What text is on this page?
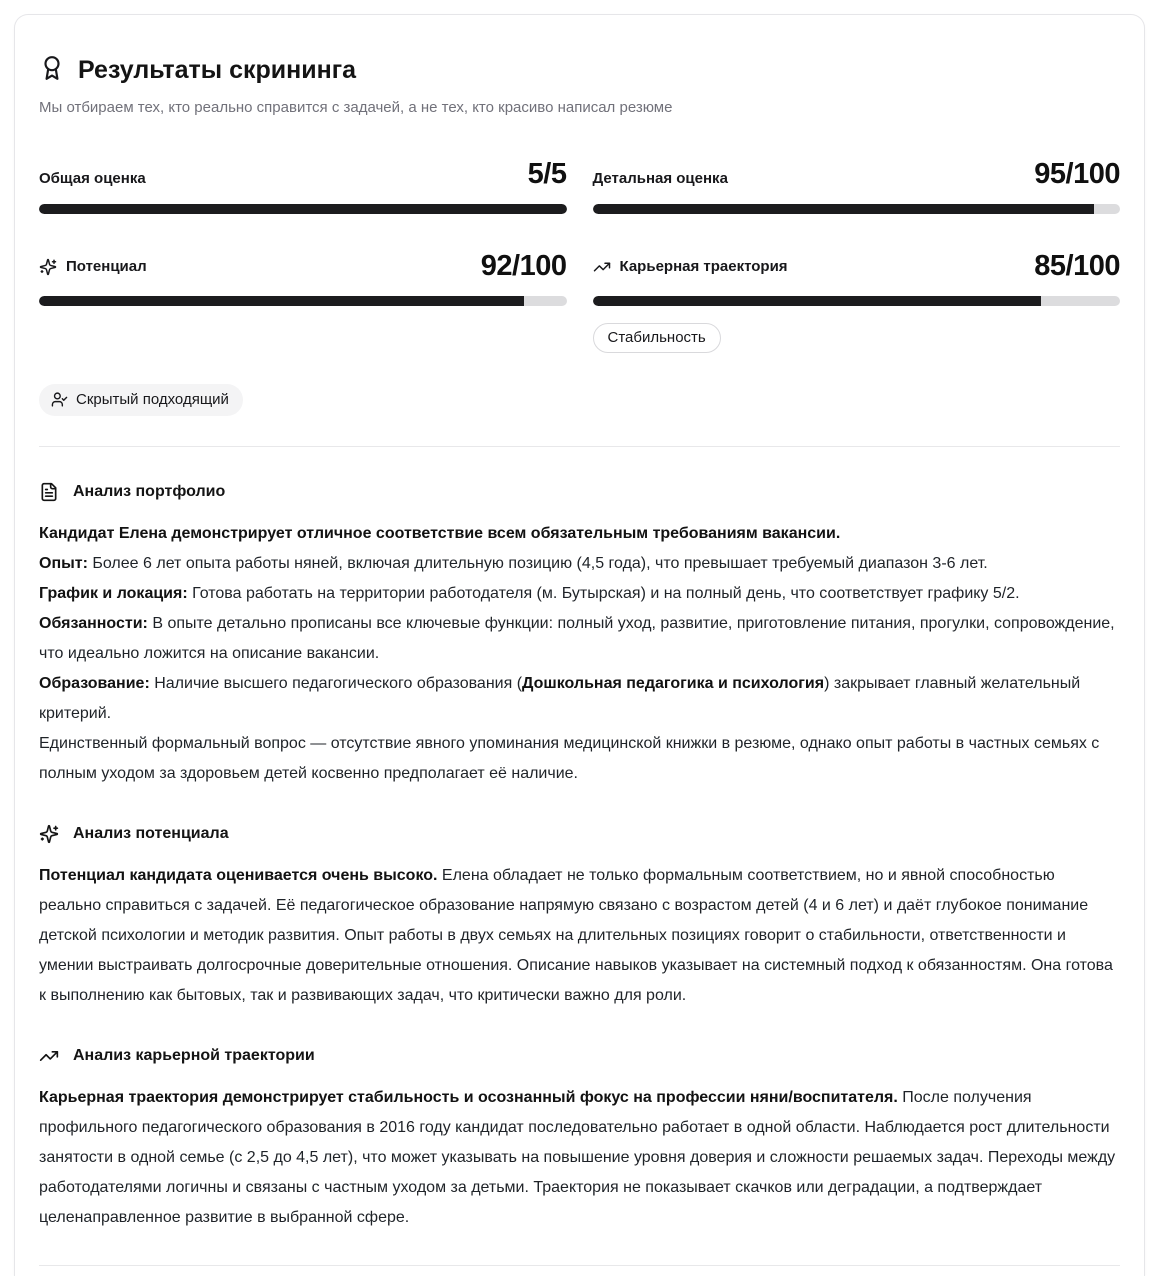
Результаты скрининга

Мы отбираем тех, кто реально справится с задачей, а не тех, кто красиво написал резюме

Общая оценка	5/5 Детальная оценка	95/100
Потенциал	92/100	Карьерная траектория	85/100
Стабильность
Скрытый подходящий
Анализ портфолио

Кандидат Елена демонстрирует отличное соответствие всем обязательным требованиям вакансии.

Опыт: Более 6 лет опыта работы няней, включая длительную позицию (4,5 года), что превышает требуемый диапазон 3-6 лет.

График и локация: Готова работать на территории работодателя (м. Бутырская) и на полный день, что соответствует графику 5/2.

Обязанности: В опыте детально прописаны все ключевые функции: полный уход, развитие, приготовление питания, прогулки, сопровождение, что идеально ложится на описание вакансии.

Образование: Наличие высшего педагогического образования (Дошкольная педагогика и психология) закрывает главный желательный критерий.

Единственный формальный вопрос — отсутствие явного упоминания медицинской книжки в резюме, однако опыт работы в частных семьях с полным уходом за здоровьем детей косвенно предполагает её наличие.

Анализ потенциала

Потенциал кандидата оценивается очень высоко. Елена обладает не только формальным соответствием, но и явной способностью реально справиться с задачей. Её педагогическое образование напрямую связано с возрастом детей (4 и 6 лет) и даёт глубокое понимание детской психологии и методик развития. Опыт работы в двух семьях на длительных позициях говорит о стабильности, ответственности и умении выстраивать долгосрочные доверительные отношения. Описание навыков указывает на системный подход к обязанностям. Она готова к выполнению как бытовых, так и развивающих задач, что критически важно для роли.

Анализ карьерной траектории

Карьерная траектория демонстрирует стабильность и осознанный фокус на профессии няни/воспитателя. После получения профильного педагогического образования в 2016 году кандидат последовательно работает в одной области. Наблюдается рост длительности занятости в одной семье (с 2,5 до 4,5 лет), что может указывать на повышение уровня доверия и сложности решаемых задач. Переходы между работодателями логичны и связаны с частным уходом за детьми. Траектория не показывает скачков или деградации, а подтверждает целенаправленное развитие в выбранной сфере.
